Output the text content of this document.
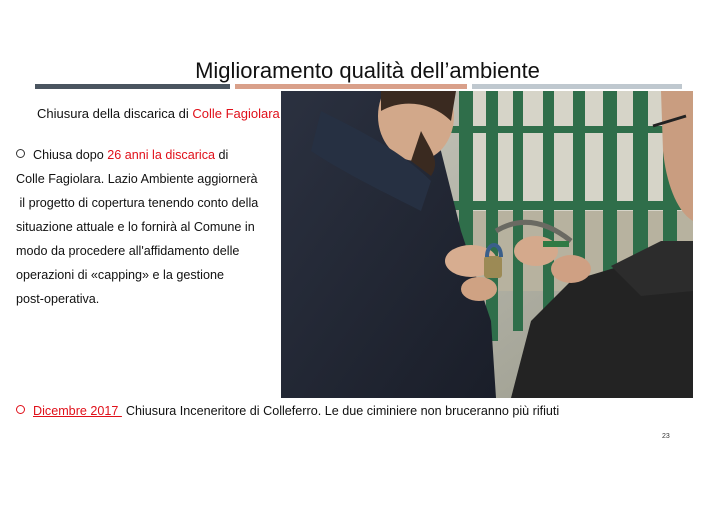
Miglioramento qualità dell’ambiente
Chiusura della discarica di Colle Fagiolara
Chiusa dopo 26 anni la discarica di
Colle Fagiolara. Lazio Ambiente aggiornerà
il progetto di copertura tenendo conto della
situazione attuale e lo fornirà al Comune in
modo da procedere all'affidamento delle
operazioni di «capping» e la gestione
post-operativa.
Dicembre 2017 Chiusura Inceneritore di Colleferro. Le due ciminiere non bruceranno più rifiuti
23
